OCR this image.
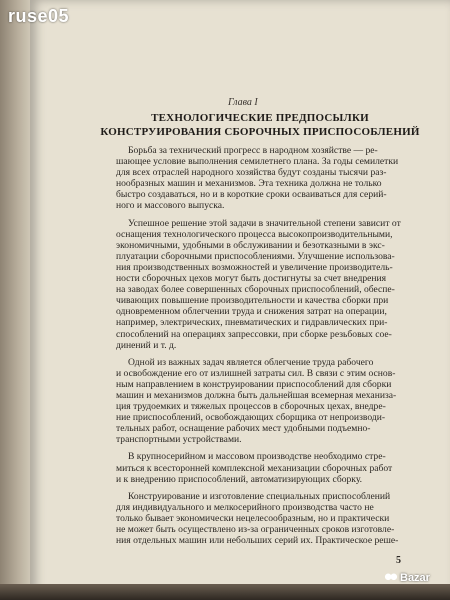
Глава I
ТЕХНОЛОГИЧЕСКИЕ ПРЕДПОСЫЛКИ
КОНСТРУИРОВАНИЯ СБОРОЧНЫХ ПРИСПОСОБЛЕНИЙ
Борьба за технический прогресс в народном хозяйстве — ре-
шающее условие выполнения семилетнего плана. За годы семилетки
для всех отраслей народного хозяйства будут созданы тысячи раз-
нообразных машин и механизмов. Эта техника должна не только
быстро создаваться, но и в короткие сроки осваиваться для серий-
ного и массового выпуска.
Успешное решение этой задачи в значительной степени зависит от
оснащения технологического процесса высокопроизводительными,
экономичными, удобными в обслуживании и безотказными в экс-
плуатации сборочными приспособлениями. Улучшение использова-
ния производственных возможностей и увеличение производитель-
ности сборочных цехов могут быть достигнуты за счет внедрения
на заводах более совершенных сборочных приспособлений, обеспе-
чивающих повышение производительности и качества сборки при
одновременном облегчении труда и снижения затрат на операции,
например, электрических, пневматических и гидравлических при-
способлений на операциях запрессовки, при сборке резьбовых сое-
динений и т. д.
Одной из важных задач является облегчение труда рабочего
и освобождение его от излишней затраты сил. В связи с этим основ-
ным направлением в конструировании приспособлений для сборки
машин и механизмов должна быть дальнейшая всемерная механиза-
ция трудоемких и тяжелых процессов в сборочных цехах, внедре-
ние приспособлений, освобождающих сборщика от непроизводи-
тельных работ, оснащение рабочих мест удобными подъемно-
транспортными устройствами.
В крупносерийном и массовом производстве необходимо стре-
миться к всесторонней комплексной механизации сборочных работ
и к внедрению приспособлений, автоматизирующих сборку.
Конструирование и изготовление специальных приспособлений
для индивидуального и мелкосерийного производства часто не
только бывает экономически нецелесообразным, но и практически
не может быть осуществлено из-за ограниченных сроков изготовле-
ния отдельных машин или небольших серий их. Практическое реше-
5
ruse05
Bazar
